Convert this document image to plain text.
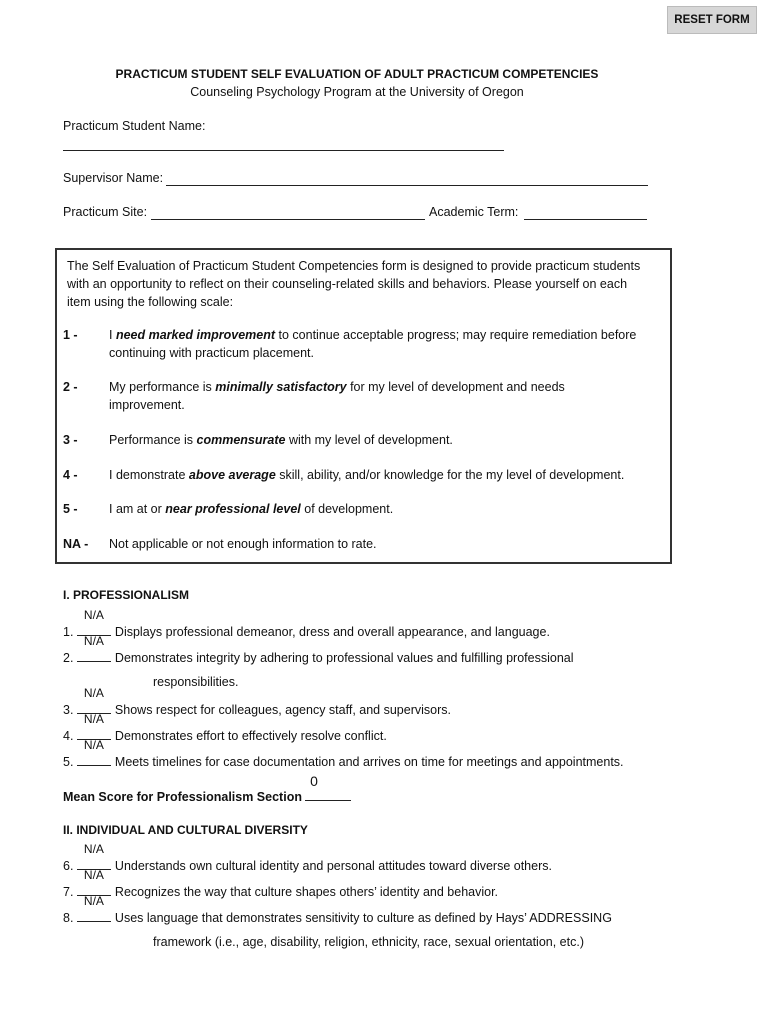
RESET FORM
PRACTICUM STUDENT SELF EVALUATION OF ADULT PRACTICUM COMPETENCIES
Counseling Psychology Program at the University of Oregon
Practicum Student Name:
Supervisor Name:
Practicum Site:	Academic Term:
The Self Evaluation of Practicum Student Competencies form is designed to provide practicum students with an opportunity to reflect on their counseling-related skills and behaviors. Please yourself on each item using the following scale:
1 -	I need marked improvement to continue acceptable progress; may require remediation before continuing with practicum placement.
2 -	My performance is minimally satisfactory for my level of development and needs improvement.
3 -	Performance is commensurate with my level of development.
4 -	I demonstrate above average skill, ability, and/or knowledge for the my level of development.
5 -	I am at or near professional level of development.
NA - Not applicable or not enough information to rate.
I. PROFESSIONALISM
1.
N/A
Displays professional demeanor, dress and overall appearance, and language.
2.
N/A
Demonstrates integrity by adhering to professional values and fulfilling professional
responsibilities.
3.
N/A
Shows respect for colleagues, agency staff, and supervisors.
4.
N/A
Demonstrates effort to effectively resolve conflict.
5.
N/A
Meets timelines for case documentation and arrives on time for meetings and appointments.
Mean Score for Professionalism Section
0
II. INDIVIDUAL AND CULTURAL DIVERSITY
6.
N/A
Understands own cultural identity and personal attitudes toward diverse others.
7.
N/A
Recognizes the way that culture shapes others’ identity and behavior.
8.
N/A
Uses language that demonstrates sensitivity to culture as defined by Hays’ ADDRESSING
framework (i.e., age, disability, religion, ethnicity, race, sexual orientation, etc.)
